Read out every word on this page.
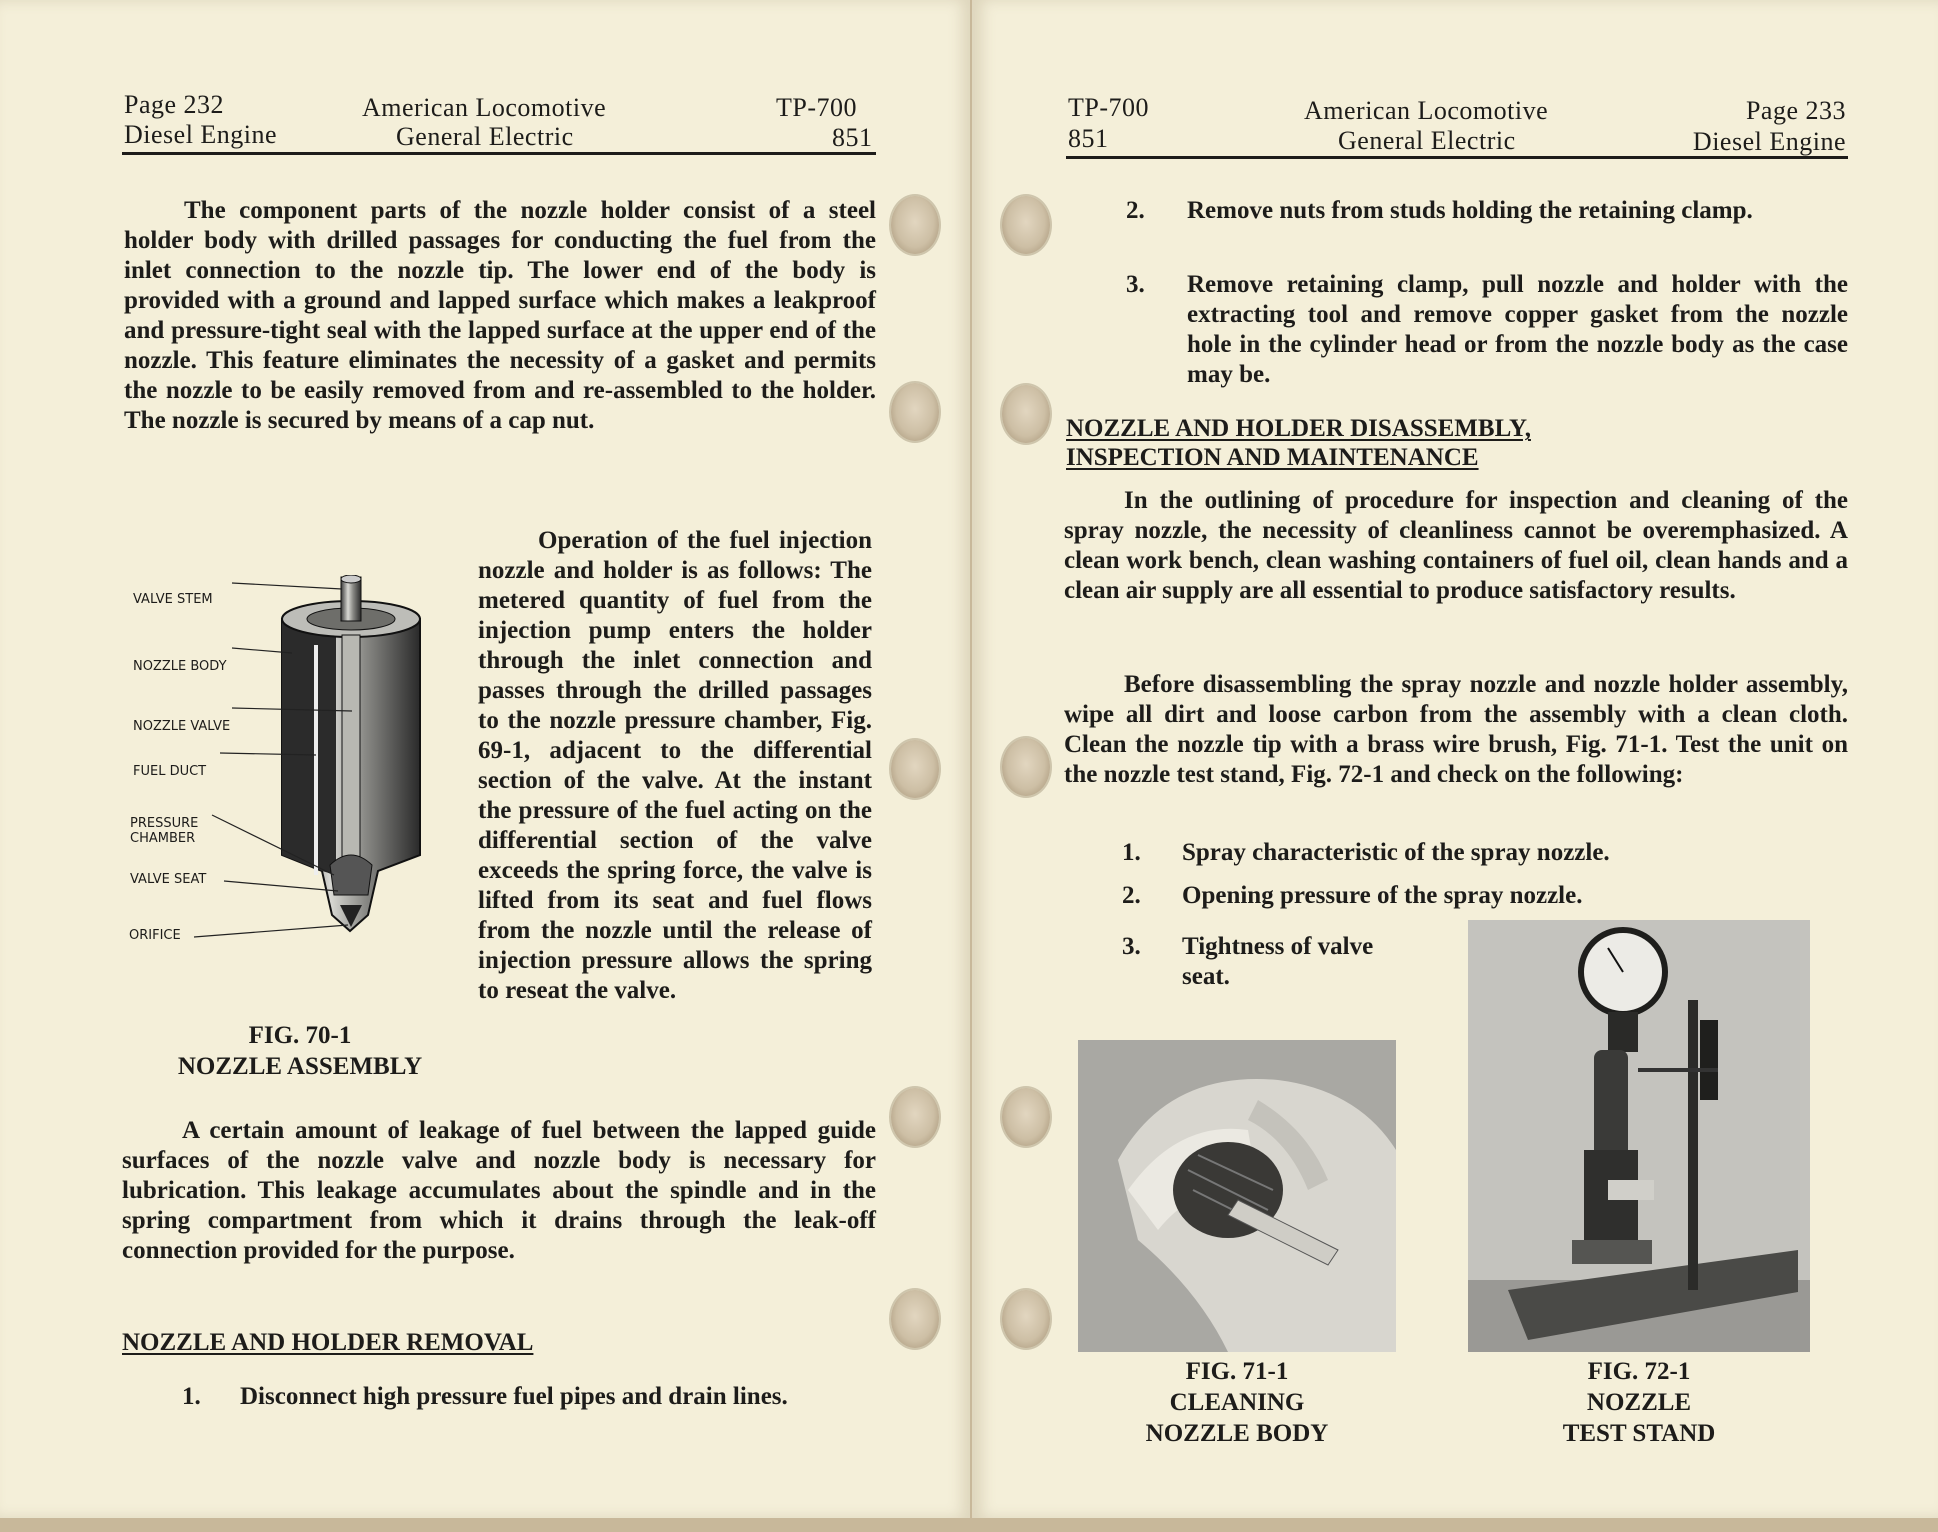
Page 232
Diesel Engine
American Locomotive
General Electric
TP-700
851

The component parts of the nozzle holder consist of a steel holder body with drilled passages for conducting the fuel from the inlet connection to the nozzle tip. The lower end of the body is provided with a ground and lapped surface which makes a leakproof and pressure-tight seal with the lapped surface at the upper end of the nozzle. This feature eliminates the necessity of a gasket and permits the nozzle to be easily removed from and re-assembled to the holder. The nozzle is secured by means of a cap nut.

VALVE STEM
NOZZLE BODY
NOZZLE VALVE
FUEL DUCT
PRESSURE CHAMBER
VALVE SEAT
ORIFICE
FIG. 70-1
NOZZLE ASSEMBLY

Operation of the fuel injection nozzle and holder is as follows: The metered quantity of fuel from the injection pump enters the holder through the inlet connection and passes through the drilled passages to the nozzle pressure chamber, Fig. 69-1, adjacent to the differential section of the valve. At the instant the pressure of the fuel acting on the differential section of the valve exceeds the spring force, the valve is lifted from its seat and fuel flows from the nozzle until the release of injection pressure allows the spring to reseat the valve.

A certain amount of leakage of fuel between the lapped guide surfaces of the nozzle valve and nozzle body is necessary for lubrication. This leakage accumulates about the spindle and in the spring compartment from which it drains through the leak-off connection provided for the purpose.

NOZZLE AND HOLDER REMOVAL
1. Disconnect high pressure fuel pipes and drain lines.
TP-700
851
American Locomotive
General Electric
Page 233
Diesel Engine
2. Remove nuts from studs holding the retaining clamp.
3. Remove retaining clamp, pull nozzle and holder with the extracting tool and remove copper gasket from the nozzle hole in the cylinder head or from the nozzle body as the case may be.
NOZZLE AND HOLDER DISASSEMBLY,
INSPECTION AND MAINTENANCE

In the outlining of procedure for inspection and cleaning of the spray nozzle, the necessity of cleanliness cannot be overemphasized. A clean work bench, clean washing containers of fuel oil, clean hands and a clean air supply are all essential to produce satisfactory results.

Before disassembling the spray nozzle and nozzle holder assembly, wipe all dirt and loose carbon from the assembly with a clean cloth. Clean the nozzle tip with a brass wire brush, Fig. 71-1. Test the unit on the nozzle test stand, Fig. 72-1 and check on the following:

1. Spray characteristic of the spray nozzle.
2. Opening pressure of the spray nozzle.
3. Tightness of valve seat.
FIG. 71-1
CLEANING
NOZZLE BODY
FIG. 72-1
NOZZLE
TEST STAND
